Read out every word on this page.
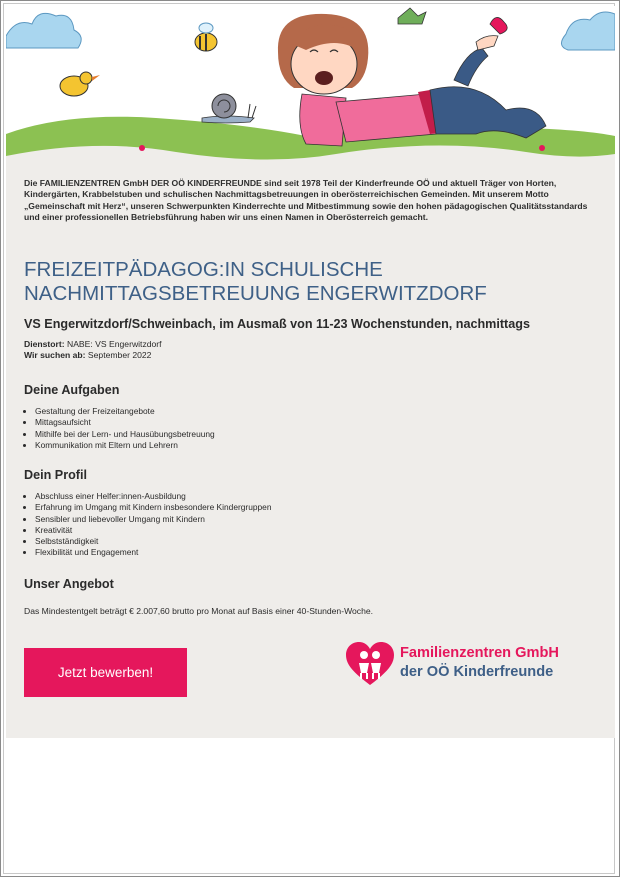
Die FAMILIENZENTREN GmbH DER OÖ KINDERFREUNDE sind seit 1978 Teil der Kinderfreunde OÖ und aktuell Träger von Horten, Kindergärten, Krabbelstuben und schulischen Nachmittagsbetreuungen in oberösterreichischen Gemeinden. Mit unserem Motto „Gemeinschaft mit Herz“, unseren Schwerpunkten Kinderrechte und Mitbestimmung sowie den hohen pädagogischen Qualitätsstandards und einer professionellen Betriebsführung haben wir uns einen Namen in Oberösterreich gemacht.
FREIZEITPÄDAGOG:IN SCHULISCHE NACHMITTAGSBETREUUNG ENGERWITZDORF
VS Engerwitzdorf/Schweinbach, im Ausmaß von 11-23 Wochenstunden, nachmittags
Dienstort: NABE: VS Engerwitzdorf
Wir suchen ab: September 2022
Deine Aufgaben
• Gestaltung der Freizeitangebote
• Mittagsaufsicht
• Mithilfe bei der Lern- und Hausübungsbetreuung
• Kommunikation mit Eltern und Lehrern
Dein Profil
• Abschluss einer Helfer:innen-Ausbildung
• Erfahrung im Umgang mit Kindern insbesondere Kindergruppen
• Sensibler und liebevoller Umgang mit Kindern
• Kreativität
• Selbstständigkeit
• Flexibilität und Engagement
Unser Angebot
Das Mindestentgelt beträgt € 2.007,60 brutto pro Monat auf Basis einer 40-Stunden-Woche.
Jetzt bewerben!
Familienzentren GmbH
der OÖ Kinderfreunde
